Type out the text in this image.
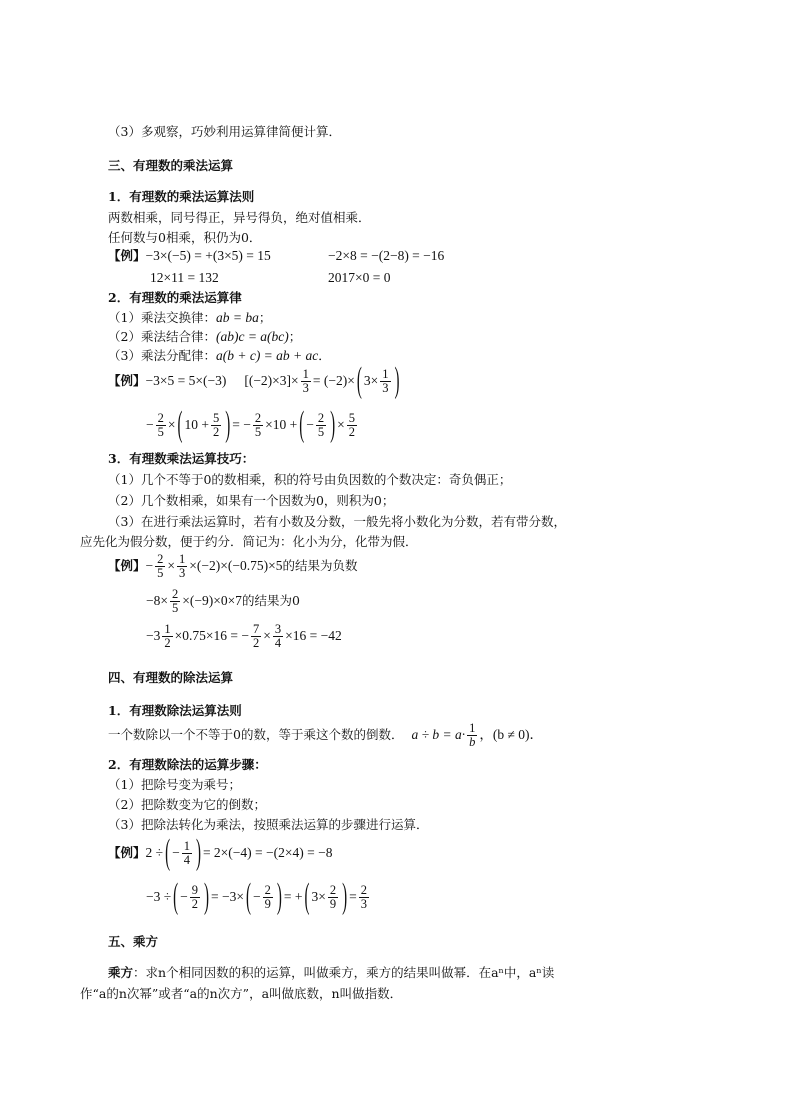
（3）多观察，巧妙利用运算律简便计算．
三、有理数的乘法运算
1．有理数的乘法运算法则
两数相乘，同号得正，异号得负，绝对值相乘．
任何数与0相乘，积仍为0．
【例】−3×(−5) = +(3×5) = 15	−2×8 = −(2−8) = −16
12×11 = 132	2017×0 = 0
2．有理数的乘法运算律
（1）乘法交换律：ab = ba；
（2）乘法结合律：(ab)c = a(bc)；
（3）乘法分配律：a(b + c) = ab + ac．
【例】−3×5 = 5×(−3) $[(-2)\times 3]\times \frac{1}{3} = (-2)\times$ ( $3\times \frac{1}{3}$ )
− $\frac{2}{5}$ × ( $10 + \frac{5}{2}$ ) = − $\frac{2}{5} \times 10$ + ( − $\frac{2}{5}$ ) × $\frac{5}{2}$
3．有理数乘法运算技巧：
（1）几个不等于0的数相乘，积的符号由负因数的个数决定：奇负偶正；
（2）几个数相乘，如果有一个因数为0，则积为0；
（3）在进行乘法运算时，若有小数及分数，一般先将小数化为分数，若有带分数，
应先化为假分数，便于约分．简记为：化小为分，化带为假．
【例】− $\frac{2}{5} \times \frac{1}{3} \times(-2)\times(-0.75)\times 5$的结果为负数
$-8\times \frac{2}{5} \times(-9)\times 0\times 7$的结果为0
$-3 \frac{1}{2} \times 0.75\times 16$ = − $\frac{7}{2} \times \frac{3}{4} \times 16 = -42$
四、有理数的除法运算
1．有理数除法运算法则
一个数除以一个不等于0的数，等于乘这个数的倒数． $a \div b = a\cdot \frac{1}{b}$ ，(b ≠ 0)．
2．有理数除法的运算步骤：
（1）把除号变为乘号；
（2）把除数变为它的倒数；
（3）把除法转化为乘法，按照乘法运算的步骤进行运算．
【例】2 ÷ ( − $\frac{1}{4}$ ) = 2×(−4) = −(2×4) = −8
−3 ÷ ( − $\frac{9}{2}$ ) = −3× ( − $\frac{2}{9}$ ) = + ( $3\times \frac{2}{9}$ ) = $\frac{2}{3}$
五、乘方
乘方：求n个相同因数的积的运算，叫做乘方，乘方的结果叫做幂．在aⁿ中，aⁿ读
作“a的n次幂”或者“a的n次方”，a叫做底数，n叫做指数．
